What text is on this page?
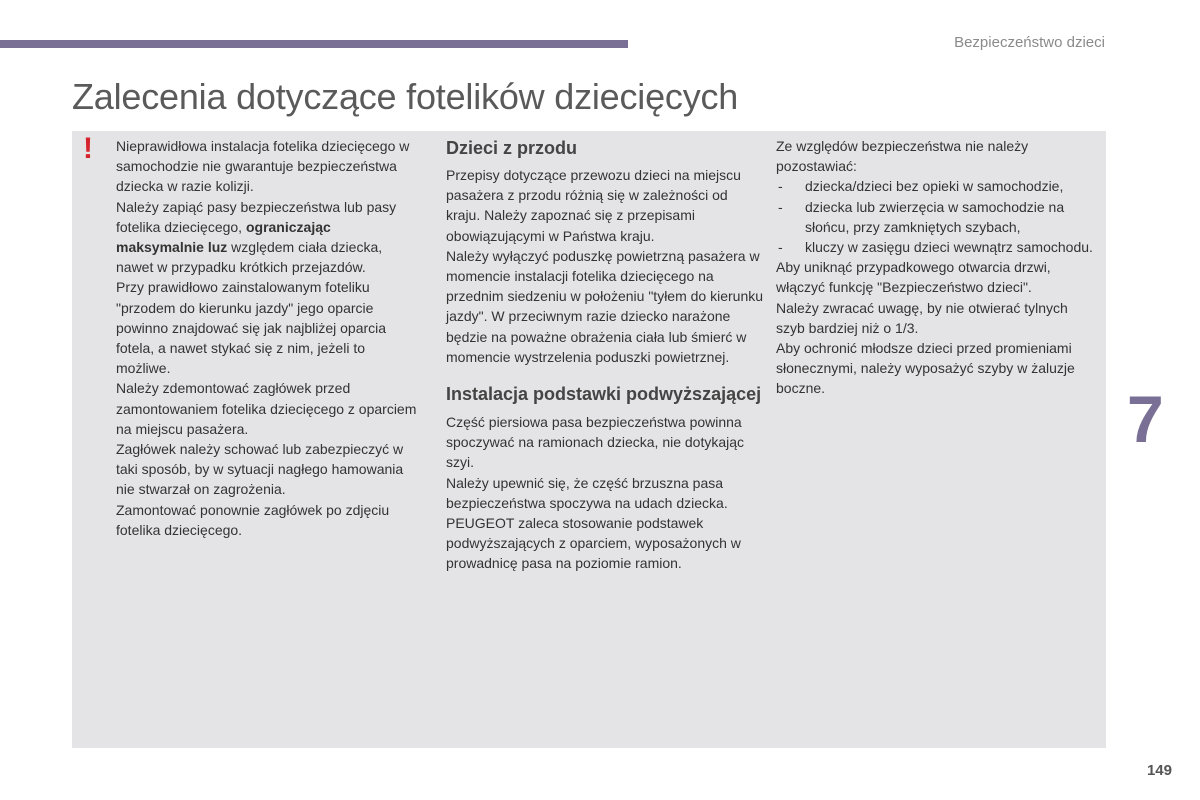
Bezpieczeństwo dzieci
Zalecenia dotyczące fotelików dziecięcych
! Nieprawidłowa instalacja fotelika dziecięcego w samochodzie nie gwarantuje bezpieczeństwa dziecka w razie kolizji.

Należy zapiąć pasy bezpieczeństwa lub pasy fotelika dziecięcego, ograniczając maksymalnie luz względem ciała dziecka, nawet w przypadku krótkich przejazdów.

Przy prawidłowo zainstalowanym foteliku "przodem do kierunku jazdy" jego oparcie powinno znajdować się jak najbliżej oparcia fotela, a nawet stykać się z nim, jeżeli to możliwe.

Należy zdemontować zagłówek przed zamontowaniem fotelika dziecięcego z oparciem na miejscu pasażera.

Zagłówek należy schować lub zabezpieczyć w taki sposób, by w sytuacji nagłego hamowania nie stwarzał on zagrożenia.

Zamontować ponownie zagłówek po zdjęciu fotelika dziecięcego.

Dzieci z przodu

Przepisy dotyczące przewozu dzieci na miejscu pasażera z przodu różnią się w zależności od kraju. Należy zapoznać się z przepisami obowiązującymi w Państwa kraju.

Należy wyłączyć poduszkę powietrzną pasażera w momencie instalacji fotelika dziecięcego na przednim siedzeniu w położeniu "tyłem do kierunku jazdy". W przeciwnym razie dziecko narażone będzie na poważne obrażenia ciała lub śmierć w momencie wystrzelenia poduszki powietrznej.

Instalacja podstawki podwyższającej

Część piersiowa pasa bezpieczeństwa powinna spoczywać na ramionach dziecka, nie dotykając szyi.

Należy upewnić się, że część brzuszna pasa bezpieczeństwa spoczywa na udach dziecka.

PEUGEOT zaleca stosowanie podstawek podwyższających z oparciem, wyposażonych w prowadnicę pasa na poziomie ramion.

Ze względów bezpieczeństwa nie należy pozostawiać:

- dziecka/dzieci bez opieki w samochodzie,
- dziecka lub zwierzęcia w samochodzie na słońcu, przy zamkniętych szybach,
- kluczy w zasięgu dzieci wewnątrz samochodu.

Aby uniknąć przypadkowego otwarcia drzwi, włączyć funkcję "Bezpieczeństwo dzieci".

Należy zwracać uwagę, by nie otwierać tylnych szyb bardziej niż o 1/3.

Aby ochronić młodsze dzieci przed promieniami słonecznymi, należy wyposażyć szyby w żaluzje boczne.	7
149
